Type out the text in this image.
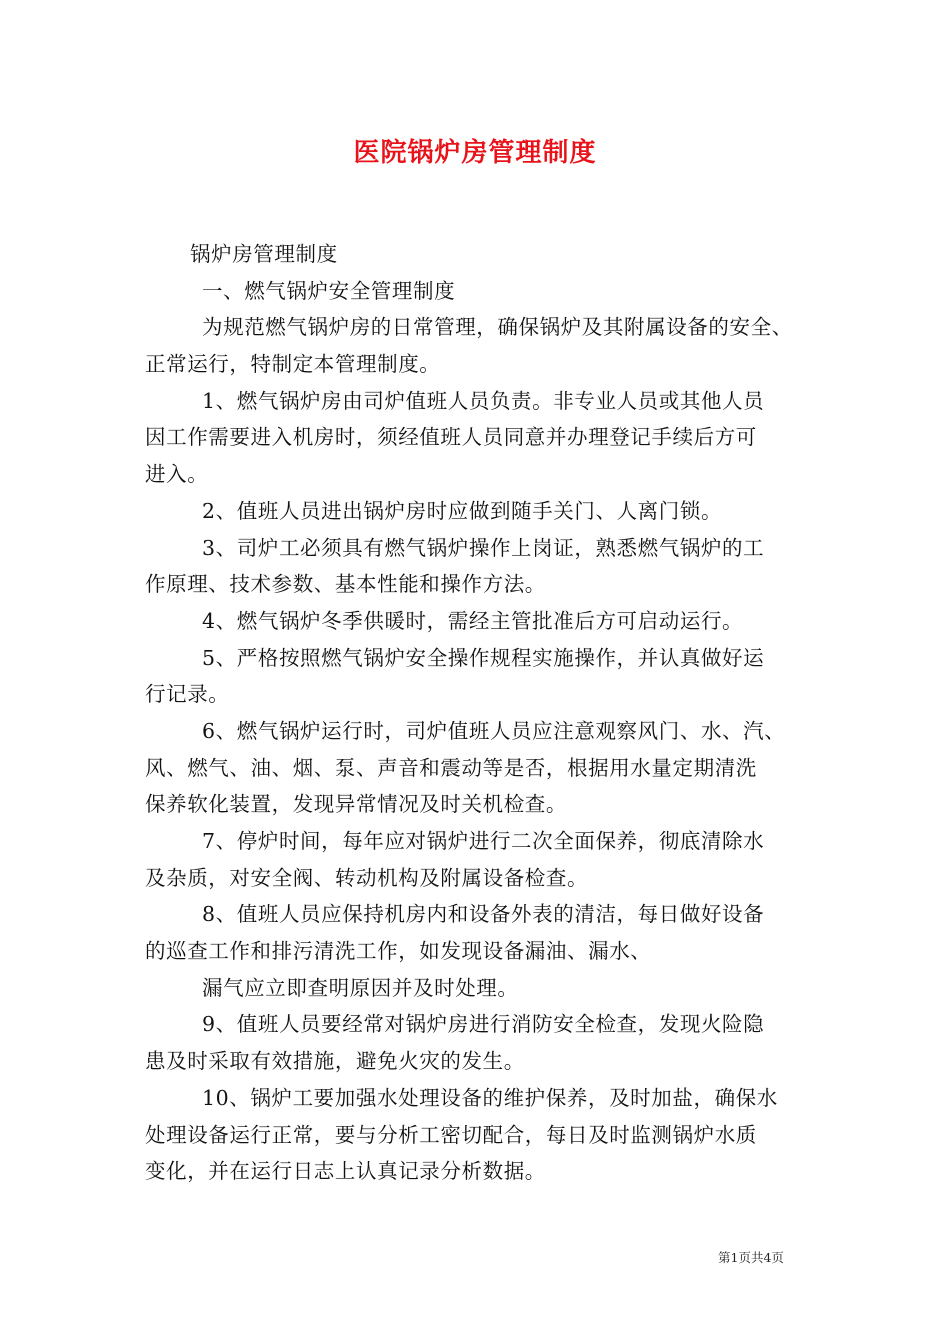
医院锅炉房管理制度
锅炉房管理制度
一、燃气锅炉安全管理制度
为规范燃气锅炉房的日常管理，确保锅炉及其附属设备的安全、
正常运行，特制定本管理制度。
1、燃气锅炉房由司炉值班人员负责。非专业人员或其他人员
因工作需要进入机房时，须经值班人员同意并办理登记手续后方可
进入。
2、值班人员进出锅炉房时应做到随手关门、人离门锁。
3、司炉工必须具有燃气锅炉操作上岗证，熟悉燃气锅炉的工
作原理、技术参数、基本性能和操作方法。
4、燃气锅炉冬季供暖时，需经主管批准后方可启动运行。
5、严格按照燃气锅炉安全操作规程实施操作，并认真做好运
行记录。
6、燃气锅炉运行时，司炉值班人员应注意观察风门、水、汽、
风、燃气、油、烟、泵、声音和震动等是否，根据用水量定期清洗
保养软化装置，发现异常情况及时关机检查。
7、停炉时间，每年应对锅炉进行二次全面保养，彻底清除水
及杂质，对安全阀、转动机构及附属设备检查。
8、值班人员应保持机房内和设备外表的清洁，每日做好设备
的巡查工作和排污清洗工作，如发现设备漏油、漏水、
漏气应立即查明原因并及时处理。
9、值班人员要经常对锅炉房进行消防安全检查，发现火险隐
患及时采取有效措施，避免火灾的发生。
10、锅炉工要加强水处理设备的维护保养，及时加盐，确保水
处理设备运行正常，要与分析工密切配合，每日及时监测锅炉水质
变化，并在运行日志上认真记录分析数据。
第1页共4页
